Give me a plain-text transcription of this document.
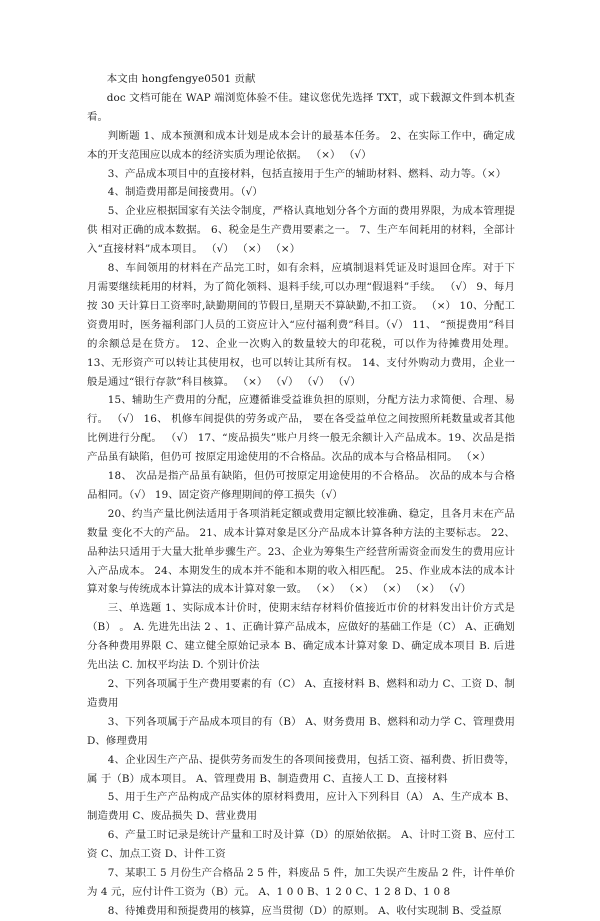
本文由 hongfengye0501 贡献

doc 文档可能在 WAP 端浏览体验不佳。建议您优先选择 TXT，或下载源文件到本机查看。

判断题 1、成本预测和成本计划是成本会计的最基本任务。 2、在实际工作中，确定成本的开支范围应以成本的经济实质为理论依据。 （×） （√）

3、产品成本项目中的直接材料，包括直接用于生产的辅助材料、燃料、动力等。（×）

4、制造费用都是间接费用。（√）

5、企业应根据国家有关法令制度，严格认真地划分各个方面的费用界限，为成本管理提供 相对正确的成本数据。 6、税金是生产费用要素之一。 7、生产车间耗用的材料，全部计入“直接材料”成本项目。 （√） （×） （×）

8、车间领用的材料在产品完工时，如有余料，应填制退料凭证及时退回仓库。对于下 月需要继续耗用的材料，为了简化领料、退料手续,可以办理“假退料”手续。 （√） 9、每月按 30 天计算日工资率时,缺勤期间的节假日,星期天不算缺勤,不扣工资。 （×） 10、分配工资费用时，医务福利部门人员的工资应计入“应付福利费”科目。（√） 11、 “预提费用”科目的余额总是在贷方。 12、企业一次购入的数量较大的印花税，可以作为待摊费用处理。 13、无形资产可以转让其使用权，也可以转让其所有权。 14、支付外购动力费用，企业一般是通过“银行存款”科目核算。 （×） （√） （√） （√）

15、辅助生产费用的分配，应遵循谁受益谁负担的原则，分配方法力求简便、合理、易行。 （√） 16、 机修车间提供的劳务或产品， 要在各受益单位之间按照所耗数量或者其他比例进行分配。 （√） 17、“废品损失”账户月终一般无余额计入产品成本。19、次品是指产品虽有缺陷，但仍可 按原定用途使用的不合格品。次品的成本与合格品相同。 （×）

18、 次品是指产品虽有缺陷，但仍可按原定用途使用的不合格品。 次品的成本与合格品相同。（√） 19、固定资产修理期间的停工损失（√）

20、约当产量比例法适用于各项消耗定额或费用定额比较准确、稳定，且各月末在产品数量 变化不大的产品。 21、成本计算对象是区分产品成本计算各种方法的主要标志。 22、品种法只适用于大量大批单步骤生产。23、企业为筹集生产经营所需资金而发生的费用应计入产品成本。 24、本期发生的成本并不能和本期的收入相匹配。 25、作业成本法的成本计算对象与传统成本计算法的成本计算对象一致。 （×） （×） （×） （×） （√）

三、单选题 1、实际成本计价时，使期末结存材料价值接近市价的材料发出计价方式是（B） 。 A. 先进先出法 2 、1、正确计算产品成本，应做好的基础工作是（C） A、正确划分各种费用界限 C、建立健全原始记录本 B、确定成本计算对象 D、确定成本项目 B. 后进先出法 C. 加权平均法 D. 个别计价法

2、下列各项属于生产费用要素的有（C） A、直接材料 B、燃料和动力 C、工资 D、制造费用

3、下列各项属于产品成本项目的有（B） A、财务费用 B、燃料和动力学 C、管理费用 D、修理费用

4、企业因生产产品、提供劳务而发生的各项间接费用，包括工资、福利费、折旧费等，属 于（B）成本项目。 A、管理费用 B、制造费用 C、直接人工 D、直接材料

5、用于生产产品构成产品实体的原材料费用，应计入下列科目（A） A、生产成本 B、制造费用 C、废品损失 D、营业费用

6、产量工时记录是统计产量和工时及计算（D）的原始依据。 A、计时工资 B、应付工资 C、加点工资 D、计件工资

7、某职工 5 月份生产合格品 2 5 件，料废品 5 件，加工失误产生废品 2 件，计件单价为 4 元，应付计件工资为（B）元。 A、1 0 0 B、1 2 0 C、1 2 8 D、1 0 8

8、待摊费用和预提费用的核算，应当贯彻（D）的原则。 A、收付实现制 B、受益原
